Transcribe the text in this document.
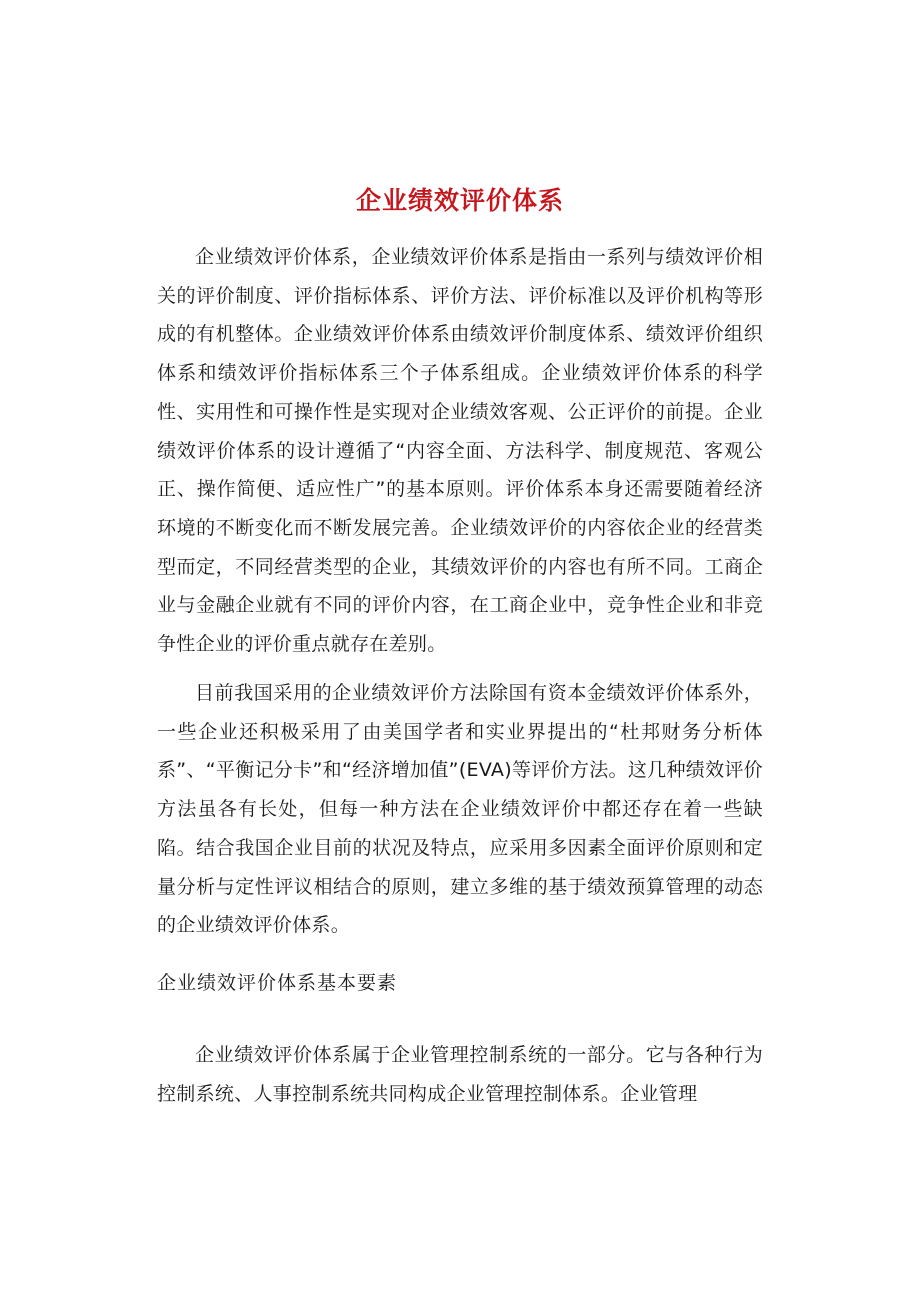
企业绩效评价体系

企业绩效评价体系，企业绩效评价体系是指由一系列与绩效评价相关的评价制度、评价指标体系、评价方法、评价标准以及评价机构等形成的有机整体。企业绩效评价体系由绩效评价制度体系、绩效评价组织体系和绩效评价指标体系三个子体系组成。企业绩效评价体系的科学性、实用性和可操作性是实现对企业绩效客观、公正评价的前提。企业绩效评价体系的设计遵循了“内容全面、方法科学、制度规范、客观公正、操作简便、适应性广”的基本原则。评价体系本身还需要随着经济环境的不断变化而不断发展完善。企业绩效评价的内容依企业的经营类型而定，不同经营类型的企业，其绩效评价的内容也有所不同。工商企业与金融企业就有不同的评价内容，在工商企业中，竞争性企业和非竞争性企业的评价重点就存在差别。

目前我国采用的企业绩效评价方法除国有资本金绩效评价体系外，一些企业还积极采用了由美国学者和实业界提出的“杜邦财务分析体系”、“平衡记分卡”和“经济增加值”(EVA)等评价方法。这几种绩效评价方法虽各有长处，但每一种方法在企业绩效评价中都还存在着一些缺陷。结合我国企业目前的状况及特点，应采用多因素全面评价原则和定量分析与定性评议相结合的原则，建立多维的基于绩效预算管理的动态的企业绩效评价体系。

企业绩效评价体系基本要素

企业绩效评价体系属于企业管理控制系统的一部分。它与各种行为控制系统、人事控制系统共同构成企业管理控制体系。企业管理
